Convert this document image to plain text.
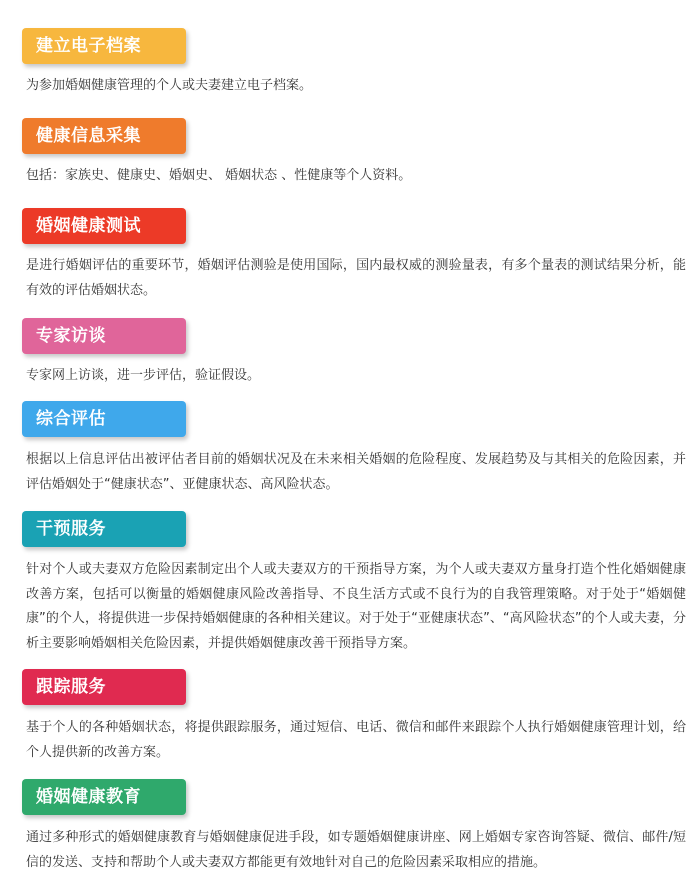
建立电子档案

为参加婚姻健康管理的个人或夫妻建立电子档案。

健康信息采集

包括：家族史、健康史、婚姻史、 婚姻状态 、性健康等个人资料。

婚姻健康测试

是进行婚姻评估的重要环节，婚姻评估测验是使用国际，国内最权威的测验量表，有多个量表的测试结果分析，能有效的评估婚姻状态。

专家访谈

专家网上访谈，进一步评估，验证假设。

综合评估

根据以上信息评估出被评估者目前的婚姻状况及在未来相关婚姻的危险程度、发展趋势及与其相关的危险因素，并评估婚姻处于“健康状态”、亚健康状态、高风险状态。

干预服务

针对个人或夫妻双方危险因素制定出个人或夫妻双方的干预指导方案，为个人或夫妻双方量身打造个性化婚姻健康改善方案，包括可以衡量的婚姻健康风险改善指导、不良生活方式或不良行为的自我管理策略。对于处于“婚姻健康”的个人，将提供进一步保持婚姻健康的各种相关建议。对于处于“亚健康状态”、“高风险状态”的个人或夫妻，分析主要影响婚姻相关危险因素，并提供婚姻健康改善干预指导方案。

跟踪服务

基于个人的各种婚姻状态，将提供跟踪服务，通过短信、电话、微信和邮件来跟踪个人执行婚姻健康管理计划，给个人提供新的改善方案。

婚姻健康教育

通过多种形式的婚姻健康教育与婚姻健康促进手段，如专题婚姻健康讲座、网上婚姻专家咨询答疑、微信、邮件/短信的发送、支持和帮助个人或夫妻双方都能更有效地针对自己的危险因素采取相应的措施。
